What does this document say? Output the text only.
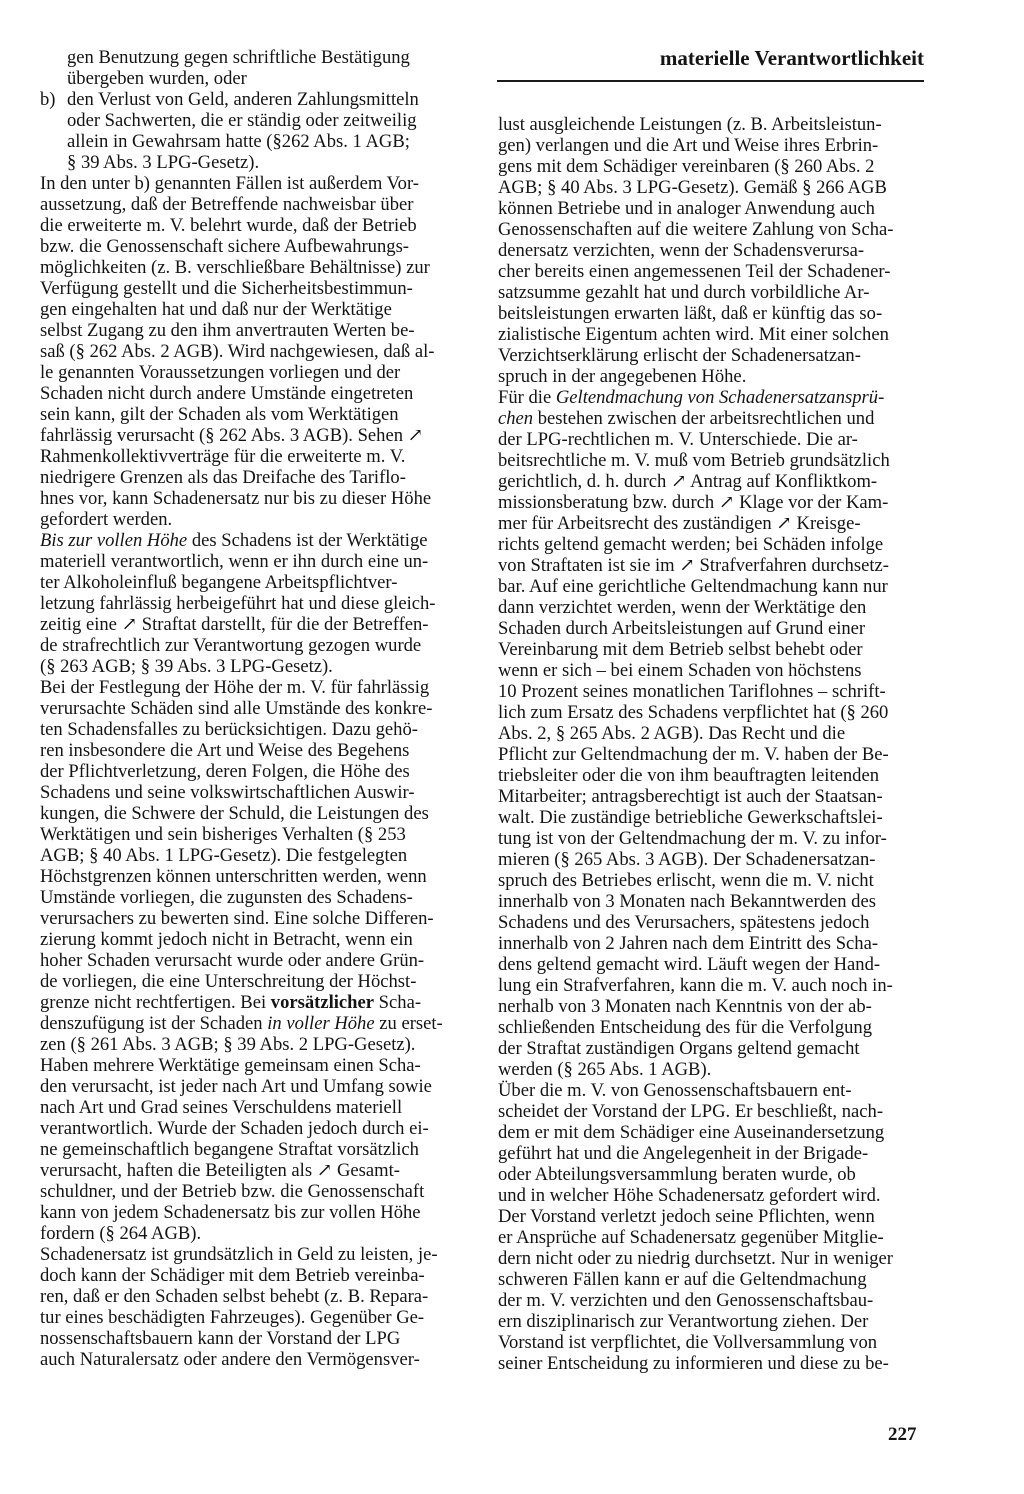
materielle Verantwortlichkeit
gen Benutzung gegen schriftliche Bestätigung
übergeben wurden, oder
b) den Verlust von Geld, anderen Zahlungsmitteln
oder Sachwerten, die er ständig oder zeitweilig
allein in Gewahrsam hatte (§262 Abs. 1 AGB;
§ 39 Abs. 3 LPG-Gesetz).
In den unter b) genannten Fällen ist außerdem Vor-
aussetzung, daß der Betreffende nachweisbar über
die erweiterte m. V. belehrt wurde, daß der Betrieb
bzw. die Genossenschaft sichere Aufbewahrungs-
möglichkeiten (z. B. verschließbare Behältnisse) zur
Verfügung gestellt und die Sicherheitsbestimmun-
gen eingehalten hat und daß nur der Werktätige
selbst Zugang zu den ihm anvertrauten Werten be-
saß (§ 262 Abs. 2 AGB). Wird nachgewiesen, daß al-
le genannten Voraussetzungen vorliegen und der
Schaden nicht durch andere Umstände eingetreten
sein kann, gilt der Schaden als vom Werktätigen
fahrlässig verursacht (§ 262 Abs. 3 AGB). Sehen ↗
Rahmenkollektivverträge für die erweiterte m. V.
niedrigere Grenzen als das Dreifache des Tariflo-
hnes vor, kann Schadenersatz nur bis zu dieser Höhe
gefordert werden.
Bis zur vollen Höhe des Schadens ist der Werktätige
materiell verantwortlich, wenn er ihn durch eine un-
ter Alkoholeinfluß begangene Arbeitspflichtver-
letzung fahrlässig herbeigeführt hat und diese gleich-
zeitig eine ↗ Straftat darstellt, für die der Betreffen-
de strafrechtlich zur Verantwortung gezogen wurde
(§ 263 AGB; § 39 Abs. 3 LPG-Gesetz).
Bei der Festlegung der Höhe der m. V. für fahrlässig
verursachte Schäden sind alle Umstände des konkre-
ten Schadensfalles zu berücksichtigen. Dazu gehö-
ren insbesondere die Art und Weise des Begehens
der Pflichtverletzung, deren Folgen, die Höhe des
Schadens und seine volkswirtschaftlichen Auswir-
kungen, die Schwere der Schuld, die Leistungen des
Werktätigen und sein bisheriges Verhalten (§ 253
AGB; § 40 Abs. 1 LPG-Gesetz). Die festgelegten
Höchstgrenzen können unterschritten werden, wenn
Umstände vorliegen, die zugunsten des Schadens-
verursachers zu bewerten sind. Eine solche Differen-
zierung kommt jedoch nicht in Betracht, wenn ein
hoher Schaden verursacht wurde oder andere Grün-
de vorliegen, die eine Unterschreitung der Höchst-
grenze nicht rechtfertigen. Bei vorsätzlicher Scha-
denszufügung ist der Schaden in voller Höhe zu erset-
zen (§ 261 Abs. 3 AGB; § 39 Abs. 2 LPG-Gesetz).
Haben mehrere Werktätige gemeinsam einen Scha-
den verursacht, ist jeder nach Art und Umfang sowie
nach Art und Grad seines Verschuldens materiell
verantwortlich. Wurde der Schaden jedoch durch ei-
ne gemeinschaftlich begangene Straftat vorsätzlich
verursacht, haften die Beteiligten als ↗ Gesamt-
schuldner, und der Betrieb bzw. die Genossenschaft
kann von jedem Schadenersatz bis zur vollen Höhe
fordern (§ 264 AGB).
Schadenersatz ist grundsätzlich in Geld zu leisten, je-
doch kann der Schädiger mit dem Betrieb vereinba-
ren, daß er den Schaden selbst behebt (z. B. Repara-
tur eines beschädigten Fahrzeuges). Gegenüber Ge-
nossenschaftsbauern kann der Vorstand der LPG
auch Naturalersatz oder andere den Vermögensver-
lust ausgleichende Leistungen (z. B. Arbeitsleistun-
gen) verlangen und die Art und Weise ihres Erbrin-
gens mit dem Schädiger vereinbaren (§ 260 Abs. 2
AGB; § 40 Abs. 3 LPG-Gesetz). Gemäß § 266 AGB
können Betriebe und in analoger Anwendung auch
Genossenschaften auf die weitere Zahlung von Scha-
denersatz verzichten, wenn der Schadensverursa-
cher bereits einen angemessenen Teil der Schadener-
satzsumme gezahlt hat und durch vorbildliche Ar-
beitsleistungen erwarten läßt, daß er künftig das so-
zialistische Eigentum achten wird. Mit einer solchen
Verzichtserklärung erlischt der Schadenersatzan-
spruch in der angegebenen Höhe.
Für die Geltendmachung von Schadenersatzansprü-
chen bestehen zwischen der arbeitsrechtlichen und
der LPG-rechtlichen m. V. Unterschiede. Die ar-
beitsrechtliche m. V. muß vom Betrieb grundsätzlich
gerichtlich, d. h. durch ↗ Antrag auf Konfliktkom-
missionsberatung bzw. durch ↗ Klage vor der Kam-
mer für Arbeitsrecht des zuständigen ↗ Kreisge-
richts geltend gemacht werden; bei Schäden infolge
von Straftaten ist sie im ↗ Strafverfahren durchsetz-
bar. Auf eine gerichtliche Geltendmachung kann nur
dann verzichtet werden, wenn der Werktätige den
Schaden durch Arbeitsleistungen auf Grund einer
Vereinbarung mit dem Betrieb selbst behebt oder
wenn er sich – bei einem Schaden von höchstens
10 Prozent seines monatlichen Tariflohnes – schrift-
lich zum Ersatz des Schadens verpflichtet hat (§ 260
Abs. 2, § 265 Abs. 2 AGB). Das Recht und die
Pflicht zur Geltendmachung der m. V. haben der Be-
triebsleiter oder die von ihm beauftragten leitenden
Mitarbeiter; antragsberechtigt ist auch der Staatsan-
walt. Die zuständige betriebliche Gewerkschaftslei-
tung ist von der Geltendmachung der m. V. zu infor-
mieren (§ 265 Abs. 3 AGB). Der Schadenersatzan-
spruch des Betriebes erlischt, wenn die m. V. nicht
innerhalb von 3 Monaten nach Bekanntwerden des
Schadens und des Verursachers, spätestens jedoch
innerhalb von 2 Jahren nach dem Eintritt des Scha-
dens geltend gemacht wird. Läuft wegen der Hand-
lung ein Strafverfahren, kann die m. V. auch noch in-
nerhalb von 3 Monaten nach Kenntnis von der ab-
schließenden Entscheidung des für die Verfolgung
der Straftat zuständigen Organs geltend gemacht
werden (§ 265 Abs. 1 AGB).
Über die m. V. von Genossenschaftsbauern ent-
scheidet der Vorstand der LPG. Er beschließt, nach-
dem er mit dem Schädiger eine Auseinandersetzung
geführt hat und die Angelegenheit in der Brigade-
oder Abteilungsversammlung beraten wurde, ob
und in welcher Höhe Schadenersatz gefordert wird.
Der Vorstand verletzt jedoch seine Pflichten, wenn
er Ansprüche auf Schadenersatz gegenüber Mitglie-
dern nicht oder zu niedrig durchsetzt. Nur in weniger
schweren Fällen kann er auf die Geltendmachung
der m. V. verzichten und den Genossenschaftsbau-
ern disziplinarisch zur Verantwortung ziehen. Der
Vorstand ist verpflichtet, die Vollversammlung von
seiner Entscheidung zu informieren und diese zu be-
227
